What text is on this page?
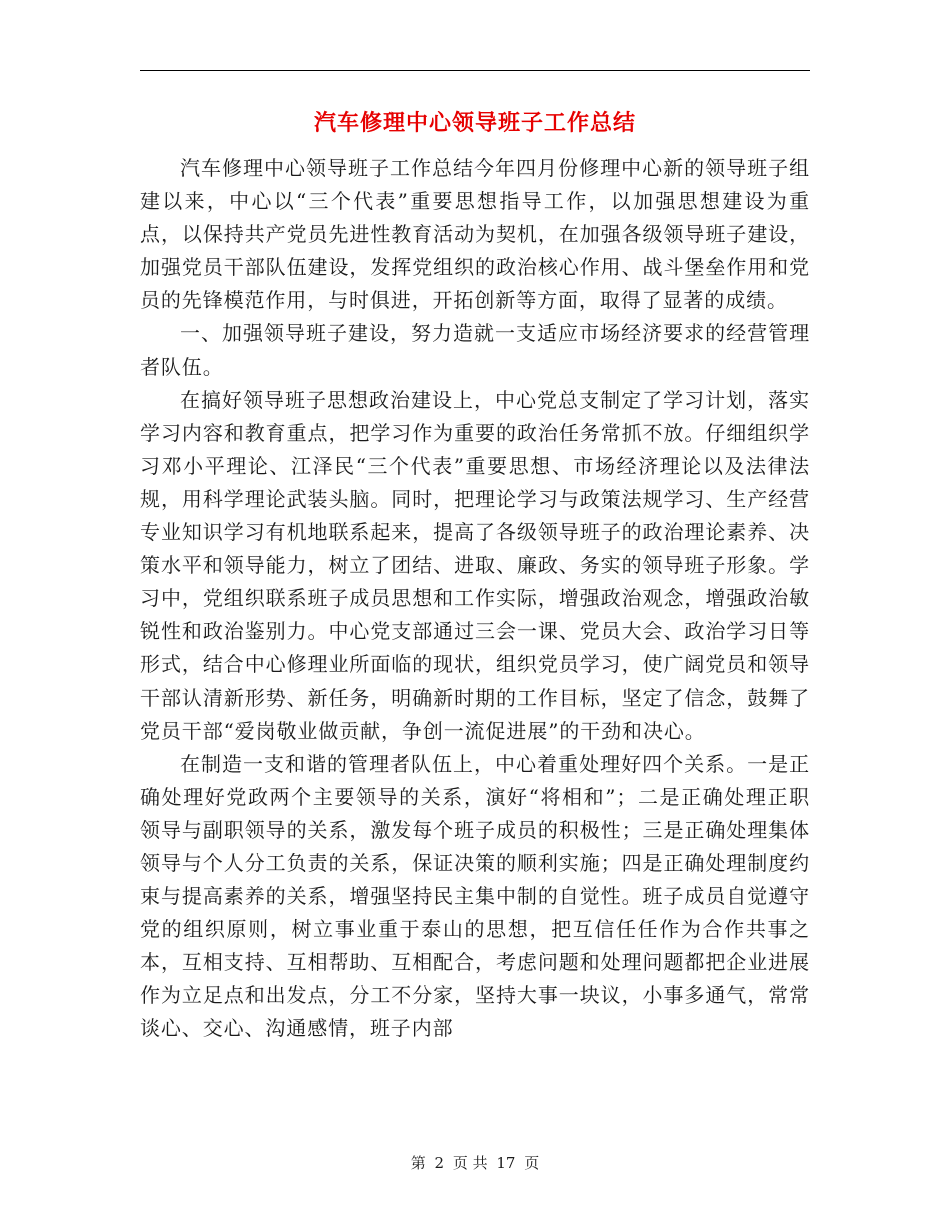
汽车修理中心领导班子工作总结

汽车修理中心领导班子工作总结今年四月份修理中心新的领导班子组建以来，中心以“三个代表”重要思想指导工作，以加强思想建设为重点，以保持共产党员先进性教育活动为契机，在加强各级领导班子建设，加强党员干部队伍建设，发挥党组织的政治核心作用、战斗堡垒作用和党员的先锋模范作用，与时俱进，开拓创新等方面，取得了显著的成绩。

一、加强领导班子建设，努力造就一支适应市场经济要求的经营管理者队伍。

在搞好领导班子思想政治建设上，中心党总支制定了学习计划，落实学习内容和教育重点，把学习作为重要的政治任务常抓不放。仔细组织学习邓小平理论、江泽民“三个代表”重要思想、市场经济理论以及法律法规，用科学理论武装头脑。同时，把理论学习与政策法规学习、生产经营专业知识学习有机地联系起来，提高了各级领导班子的政治理论素养、决策水平和领导能力，树立了团结、进取、廉政、务实的领导班子形象。学习中，党组织联系班子成员思想和工作实际，增强政治观念，增强政治敏锐性和政治鉴别力。中心党支部通过三会一课、党员大会、政治学习日等形式，结合中心修理业所面临的现状，组织党员学习，使广阔党员和领导干部认清新形势、新任务，明确新时期的工作目标，坚定了信念，鼓舞了党员干部“爱岗敬业做贡献，争创一流促进展”的干劲和决心。

在制造一支和谐的管理者队伍上，中心着重处理好四个关系。一是正确处理好党政两个主要领导的关系，演好“将相和”；二是正确处理正职领导与副职领导的关系，激发每个班子成员的积极性；三是正确处理集体领导与个人分工负责的关系，保证决策的顺利实施；四是正确处理制度约束与提高素养的关系，增强坚持民主集中制的自觉性。班子成员自觉遵守党的组织原则，树立事业重于泰山的思想，把互信任任作为合作共事之本，互相支持、互相帮助、互相配合，考虑问题和处理问题都把企业进展作为立足点和出发点，分工不分家，坚持大事一块议，小事多通气，常常谈心、交心、沟通感情，班子内部

第 2 页 共 17 页
